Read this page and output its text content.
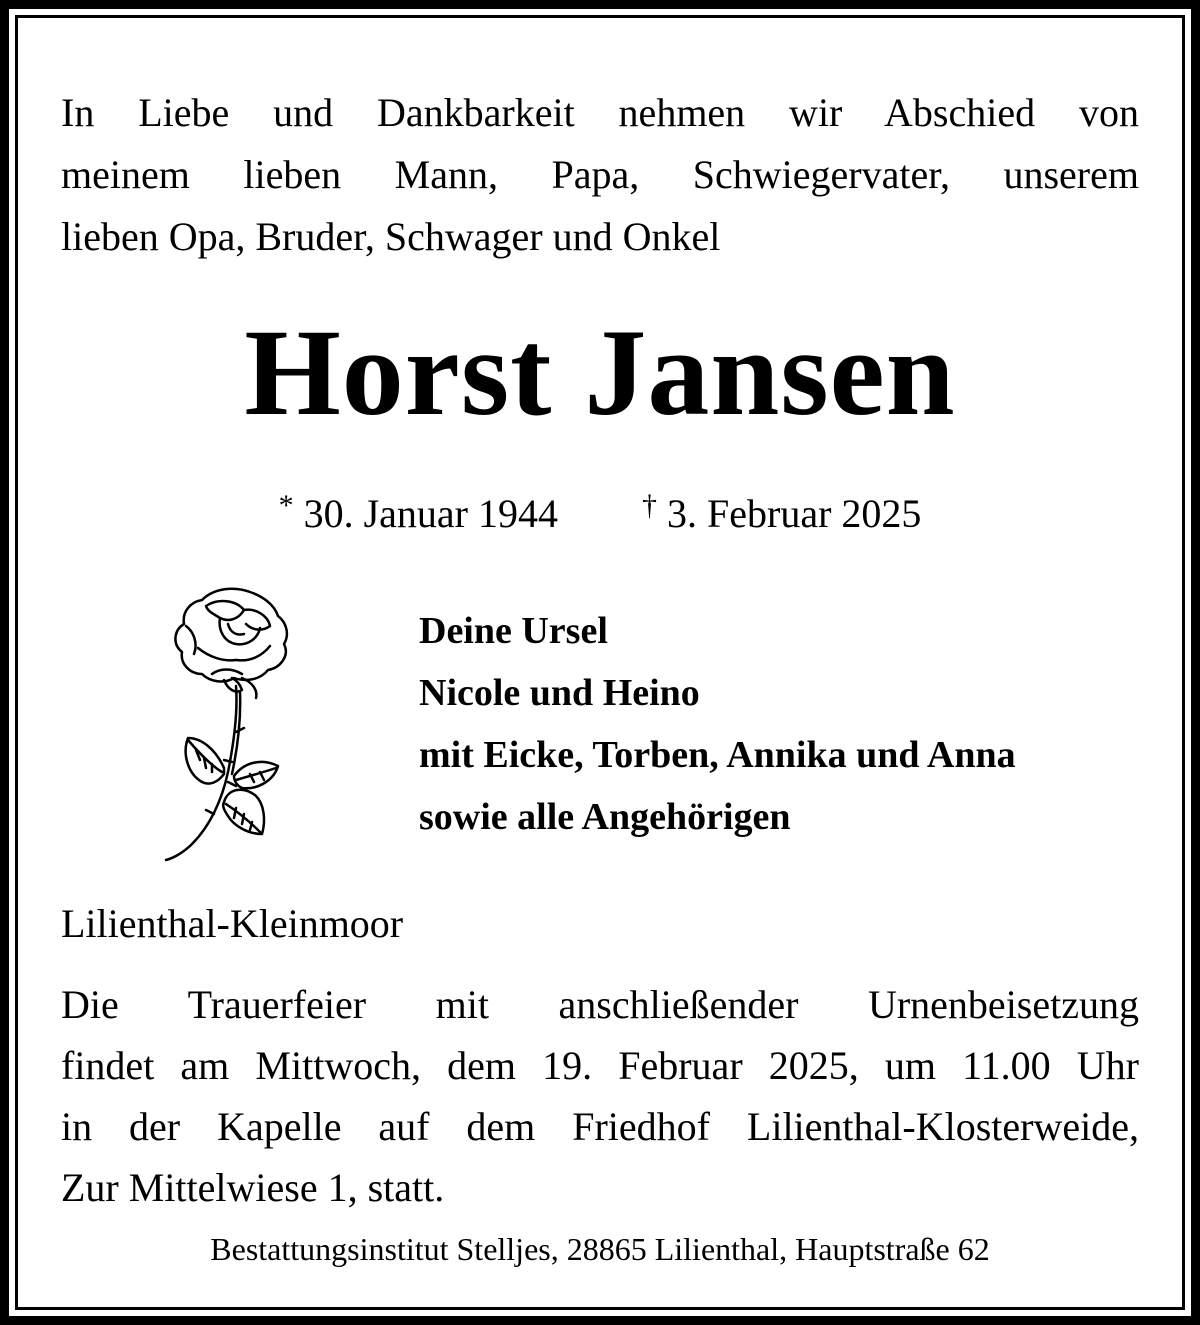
In Liebe und Dankbarkeit nehmen wir Abschied von
meinem lieben Mann, Papa, Schwiegervater, unserem
lieben Opa, Bruder, Schwager und Onkel
Horst Jansen
* 30. Januar 1944	† 3. Februar 2025
Deine Ursel
Nicole und Heino
mit Eicke, Torben, Annika und Anna
sowie alle Angehörigen
Lilienthal-Kleinmoor
Die Trauerfeier mit anschließender Urnenbeisetzung
findet am Mittwoch, dem 19. Februar 2025, um 11.00 Uhr
in der Kapelle auf dem Friedhof Lilienthal-Klosterweide,
Zur Mittelwiese 1, statt.
Bestattungsinstitut Stelljes, 28865 Lilienthal, Hauptstraße 62
